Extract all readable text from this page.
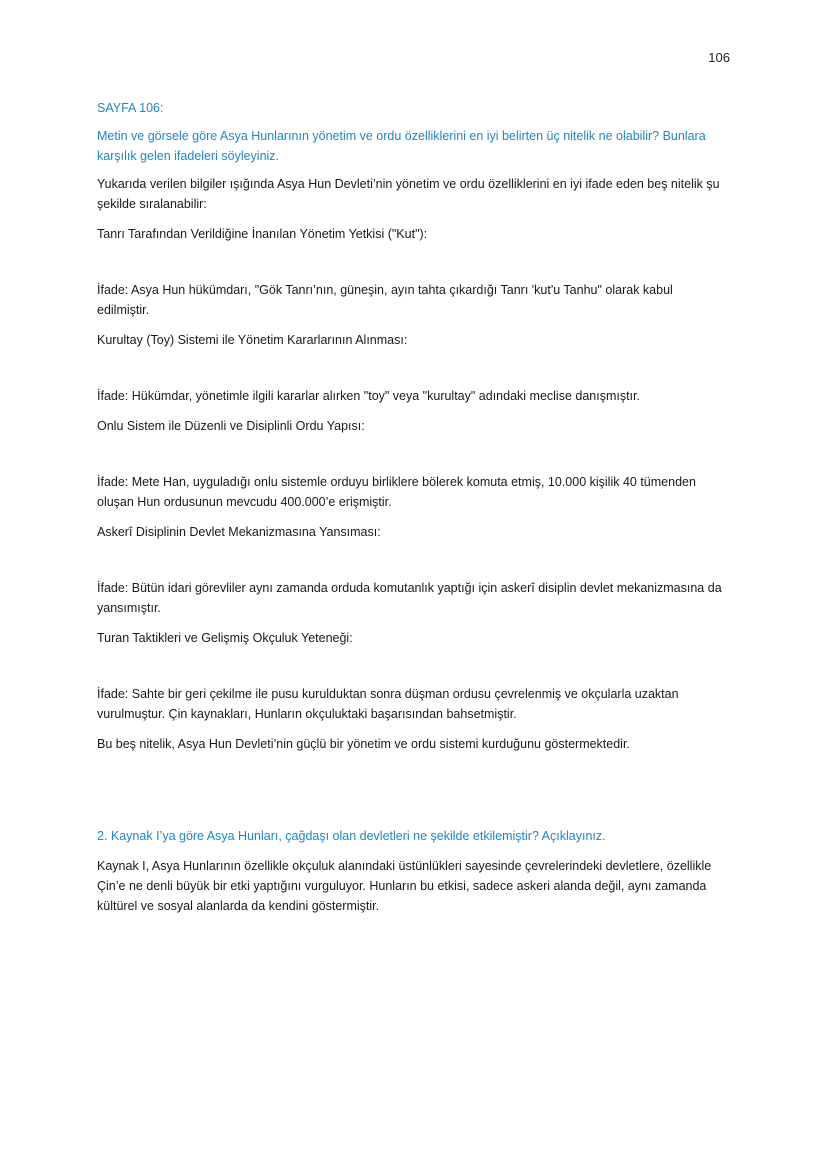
106

SAYFA 106:

Metin ve görsele göre Asya Hunlarının yönetim ve ordu özelliklerini en iyi belirten üç nitelik ne olabilir? Bunlara karşılık gelen ifadeleri söyleyiniz.

Yukarıda verilen bilgiler ışığında Asya Hun Devleti’nin yönetim ve ordu özelliklerini en iyi ifade eden beş nitelik şu şekilde sıralanabilir:

Tanrı Tarafından Verildiğine İnanılan Yönetim Yetkisi ("Kut"):

İfade: Asya Hun hükümdarı, "Gök Tanrı’nın, güneşin, ayın tahta çıkardığı Tanrı 'kut'u Tanhu" olarak kabul edilmiştir.

Kurultay (Toy) Sistemi ile Yönetim Kararlarının Alınması:

İfade: Hükümdar, yönetimle ilgili kararlar alırken "toy" veya "kurultay" adındaki meclise danışmıştır.

Onlu Sistem ile Düzenli ve Disiplinli Ordu Yapısı:

İfade: Mete Han, uyguladığı onlu sistemle orduyu birliklere bölerek komuta etmiş, 10.000 kişilik 40 tümenden oluşan Hun ordusunun mevcudu 400.000’e erişmiştir.

Askerî Disiplinin Devlet Mekanizmasına Yansıması:

İfade: Bütün idari görevliler aynı zamanda orduda komutanlık yaptığı için askerî disiplin devlet mekanizmasına da yansımıştır.

Turan Taktikleri ve Gelişmiş Okçuluk Yeteneği:

İfade: Sahte bir geri çekilme ile pusu kurulduktan sonra düşman ordusu çevrelenmiş ve okçularla uzaktan vurulmuştur. Çin kaynakları, Hunların okçuluktaki başarısından bahsetmiştir.

Bu beş nitelik, Asya Hun Devleti’nin güçlü bir yönetim ve ordu sistemi kurduğunu göstermektedir.

2. Kaynak I’ya göre Asya Hunları, çağdaşı olan devletleri ne şekilde etkilemiştir? Açıklayınız.

Kaynak I, Asya Hunlarının özellikle okçuluk alanındaki üstünlükleri sayesinde çevrelerindeki devletlere, özellikle Çin’e ne denli büyük bir etki yaptığını vurguluyor. Hunların bu etkisi, sadece askeri alanda değil, aynı zamanda kültürel ve sosyal alanlarda da kendini göstermiştir.
